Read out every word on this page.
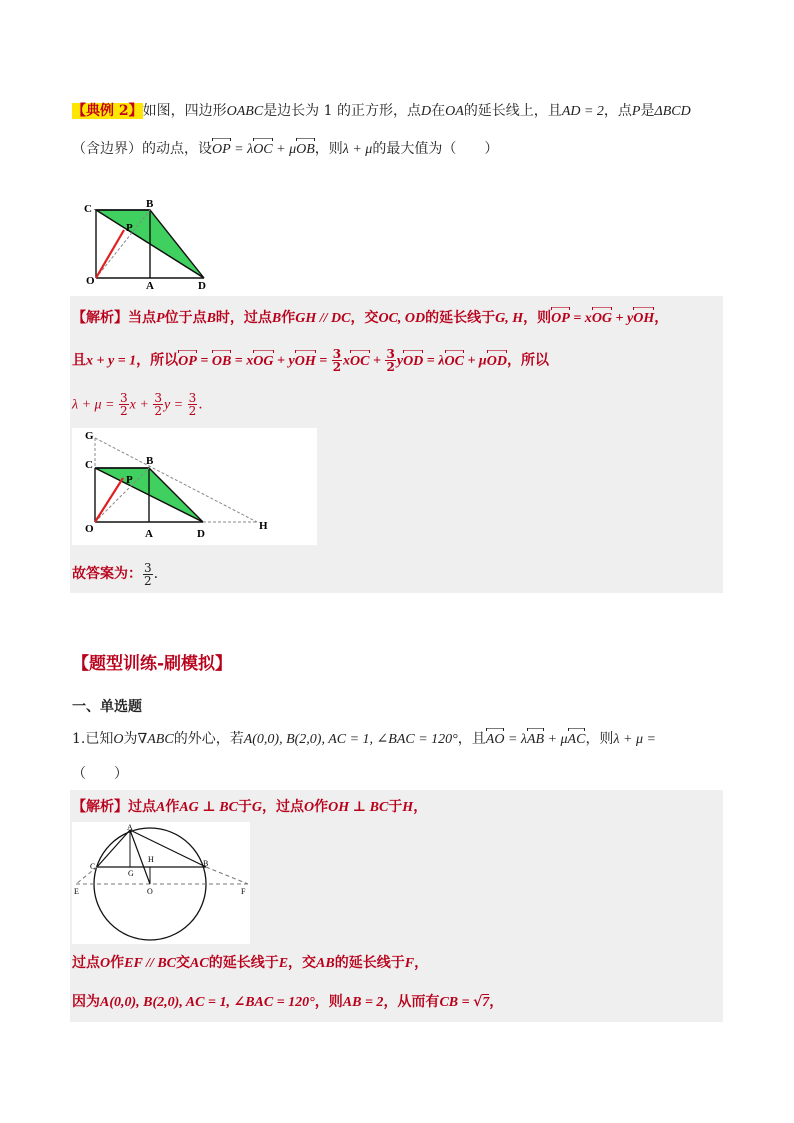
【典例 2】如图，四边形OABC是边长为 1 的正方形，点D在OA的延长线上，且AD = 2，点P是ΔBCD
（含边界）的动点，设OP = λOC + μOB，则λ + μ的最大值为（　　）
C	B
P
O	A	D
【解析】当点P位于点B时，过点B作GH // DC，交OC, OD的延长线于G, H，则OP = xOG + yOH，
且x + y = 1，所以OP = OB = xOG + yOH = $\frac{3}{2}$ xOC + $\frac{3}{2}$ yOD = λOC + μOD，所以
$\lambda + \mu = \frac{3}{2}$ $x + \frac{3}{2}$ $y = \frac{3}{2}$ .
G
C	B
P
O	A	D
H
故答案为： $\frac{3}{2}$ .
【题型训练-刷模拟】
一、单选题
1.已知O为∇ABC的外心，若A(0,0), B(2,0), AC = 1, ∠BAC = 120°，且AO = λAB + μAC，则λ + μ =
（　　）
【解析】过点A作AG ⊥ BC于G，过点O作OH ⊥ BC于H，
A
C
H	B
G
E	O	F
过点O作EF // BC交AC的延长线于E，交AB的延长线于F，
因为A(0,0), B(2,0), AC = 1, ∠BAC = 120°，则AB = 2，从而有CB = √7，
